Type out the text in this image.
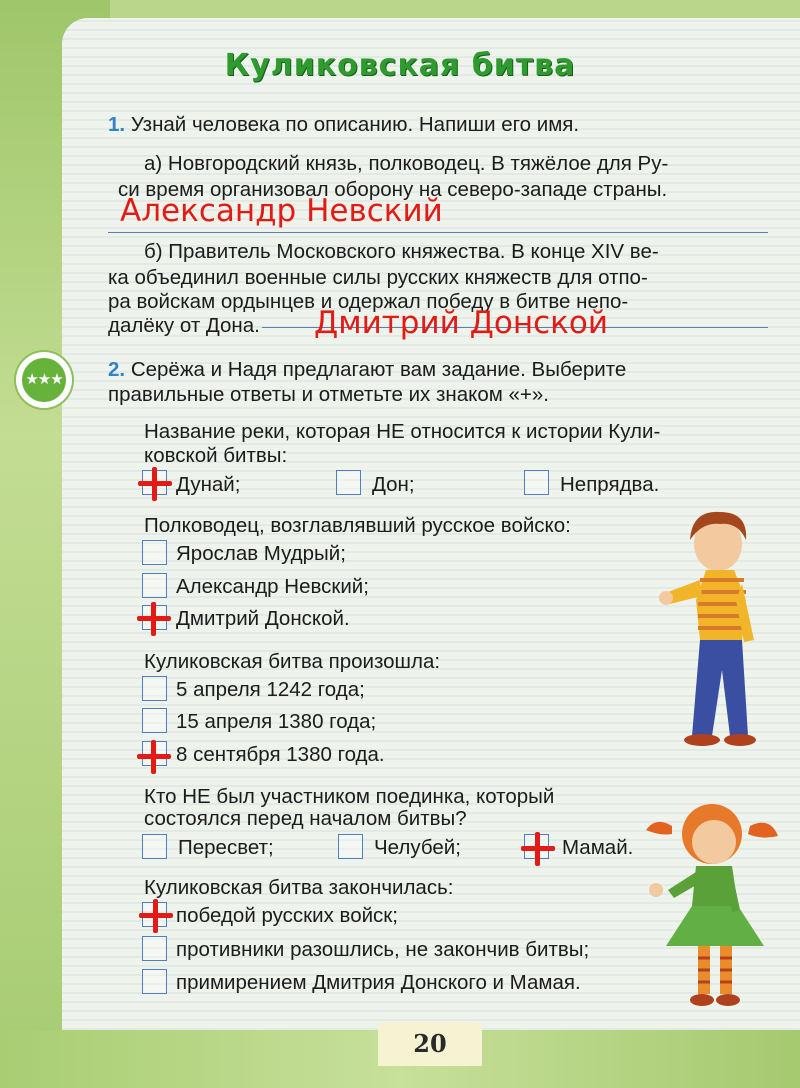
Куликовская битва
1. Узнай человека по описанию. Напиши его имя.
а) Новгородский князь, полководец. В тяжёлое для Ру-
си время организовал оборону на северо-западе страны.
Александр Невский
б) Правитель Московского княжества. В конце XIV ве-
ка объединил военные силы русских княжеств для отпо-
ра войскам ордынцев и одержал победу в битве непо-
далёку от Дона. Дмитрий Донской
★★★ 2. Серёжа и Надя предлагают вам задание. Выберите
правильные ответы и отметьте их знаком «+».
Название реки, которая НЕ относится к истории Кули-
ковской битвы:
Дунай;	Дон;	Непрядва.
Полководец, возглавлявший русское войско:
Ярослав Мудрый;
Александр Невский;
Дмитрий Донской.
Куликовская битва произошла:
5 апреля 1242 года;
15 апреля 1380 года;
8 сентября 1380 года.
Кто НЕ был участником поединка, который
состоялся перед началом битвы?
Пересвет;	Челубей;	Мамай.
Куликовская битва закончилась:
победой русских войск;
противники разошлись, не закончив битвы;
примирением Дмитрия Донского и Мамая.
20
